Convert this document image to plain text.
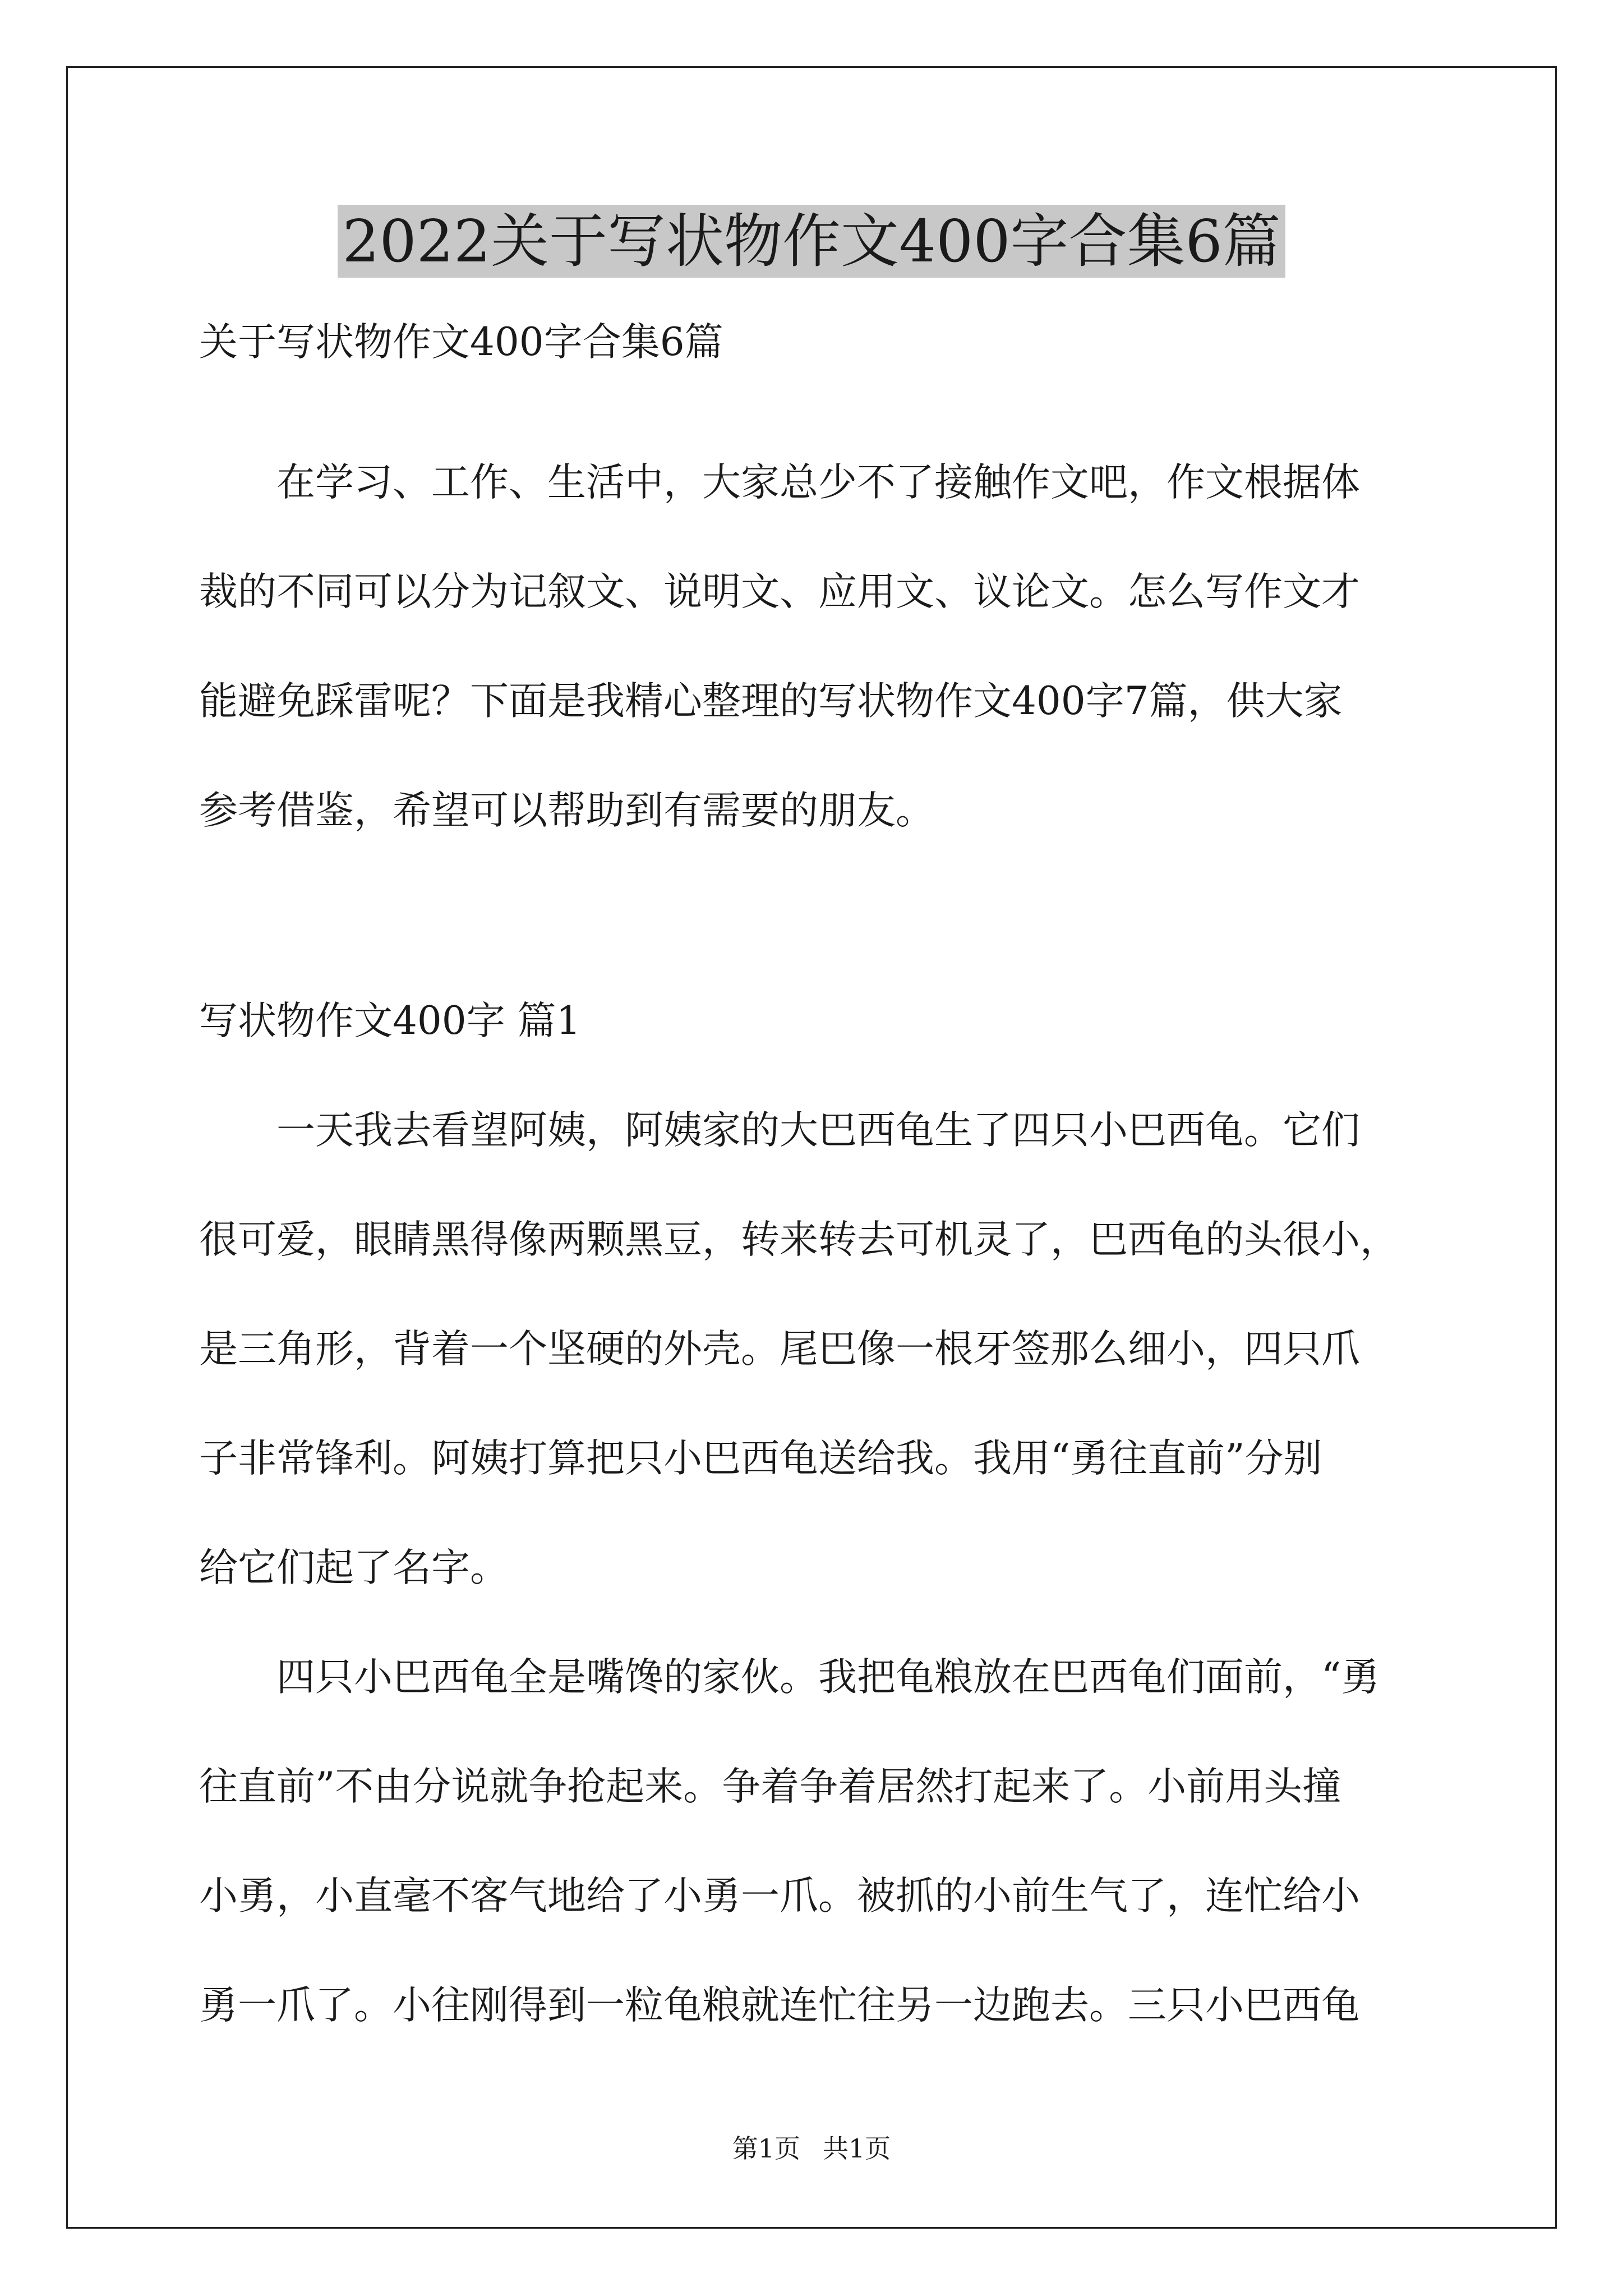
2022关于写状物作文400字合集6篇

关于写状物作文400字合集6篇

　　在学习、工作、生活中，大家总少不了接触作文吧，作文根据体

裁的不同可以分为记叙文、说明文、应用文、议论文。怎么写作文才

能避免踩雷呢？下面是我精心整理的写状物作文400字7篇，供大家

参考借鉴，希望可以帮助到有需要的朋友。

写状物作文400字 篇1

　　一天我去看望阿姨，阿姨家的大巴西龟生了四只小巴西龟。它们

很可爱，眼睛黑得像两颗黑豆，转来转去可机灵了，巴西龟的头很小，

是三角形，背着一个坚硬的外壳。尾巴像一根牙签那么细小，四只爪

子非常锋利。阿姨打算把只小巴西龟送给我。我用“勇往直前”分别

给它们起了名字。

　　四只小巴西龟全是嘴馋的家伙。我把龟粮放在巴西龟们面前，“勇

往直前”不由分说就争抢起来。争着争着居然打起来了。小前用头撞

小勇，小直毫不客气地给了小勇一爪。被抓的小前生气了，连忙给小

勇一爪了。小往刚得到一粒龟粮就连忙往另一边跑去。三只小巴西龟

第1页 共1页
